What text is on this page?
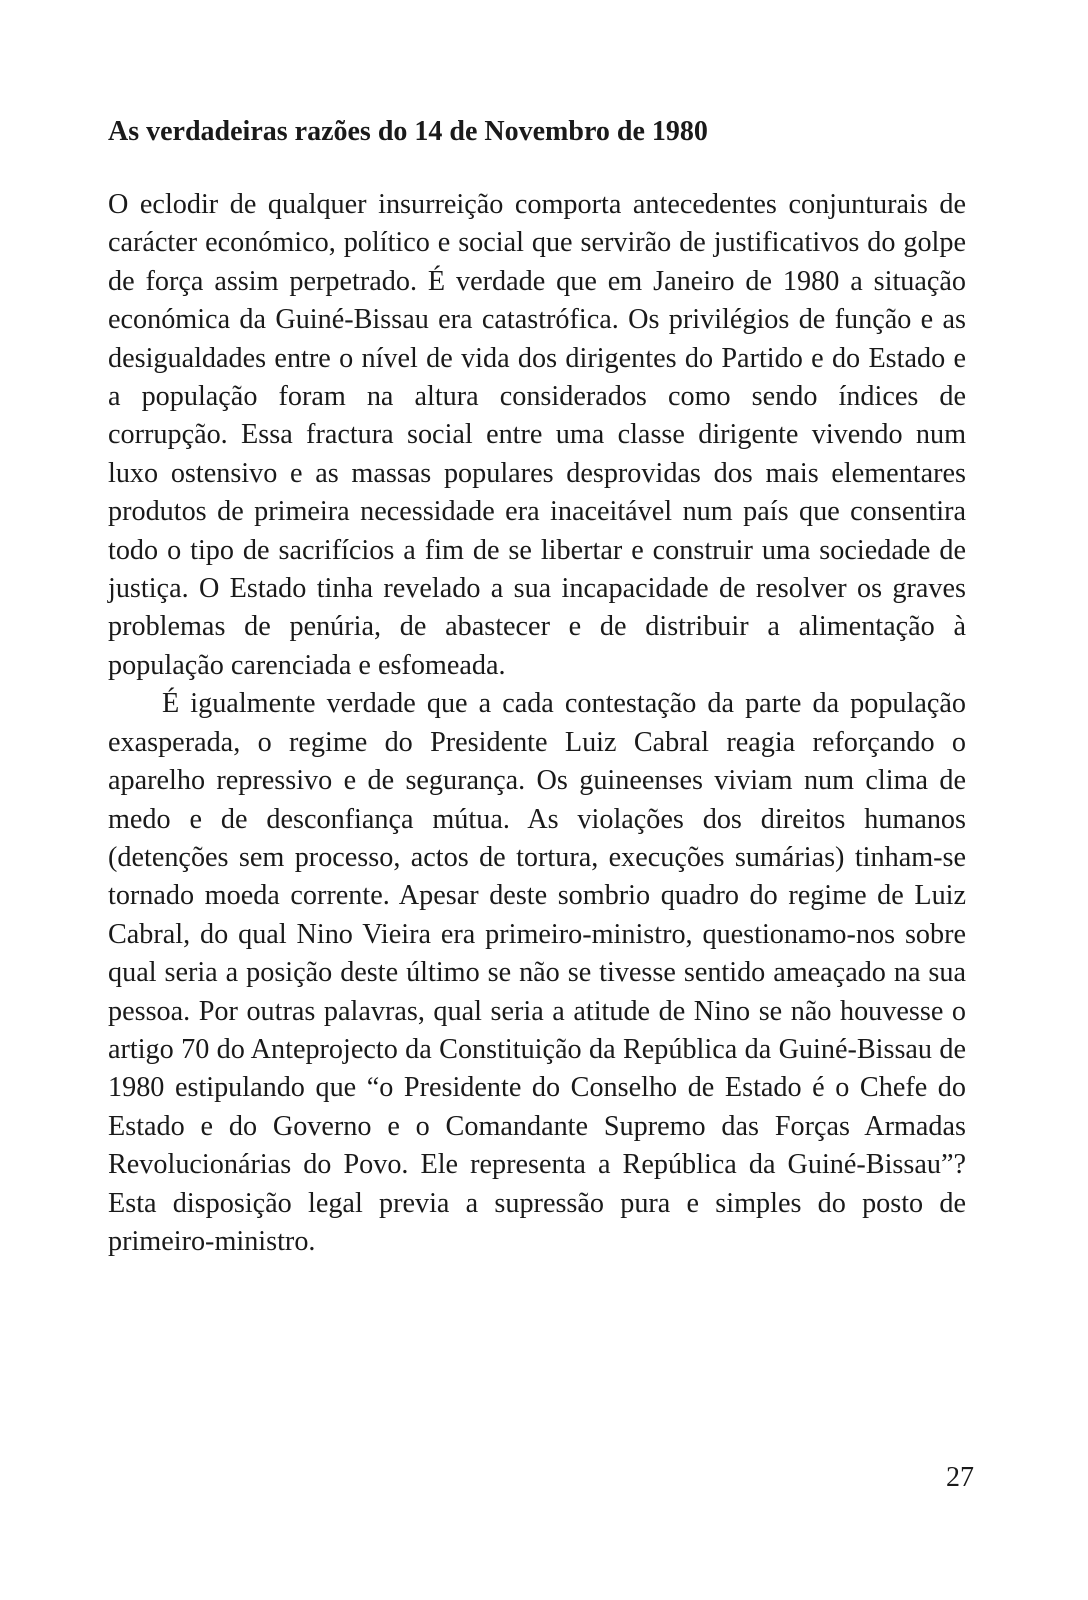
As verdadeiras razões do 14 de Novembro de 1980

O eclodir de qualquer insurreição comporta antecedentes conjunturais de carácter económico, político e social que servirão de justificativos do golpe de força assim perpetrado. É verdade que em Janeiro de 1980 a situação económica da Guiné-Bissau era catastrófica. Os privilégios de função e as desigualdades entre o nível de vida dos dirigentes do Partido e do Estado e a população foram na altura considerados como sendo índices de corrupção. Essa fractura social entre uma classe dirigente vivendo num luxo ostensivo e as massas populares desprovidas dos mais elementares produtos de primeira necessidade era inaceitável num país que consentira todo o tipo de sacrifícios a fim de se libertar e construir uma sociedade de justiça. O Estado tinha revelado a sua incapacidade de resolver os graves problemas de penúria, de abastecer e de distribuir a alimentação à população carenciada e esfomeada.

É igualmente verdade que a cada contestação da parte da população exasperada, o regime do Presidente Luiz Cabral reagia reforçando o aparelho repressivo e de segurança. Os guineenses viviam num clima de medo e de desconfiança mútua. As violações dos direitos humanos (detenções sem processo, actos de tortura, execuções sumárias) tinham-se tornado moeda corrente. Apesar deste sombrio quadro do regime de Luiz Cabral, do qual Nino Vieira era primeiro-ministro, questionamo-nos sobre qual seria a posição deste último se não se tivesse sentido ameaçado na sua pessoa. Por outras palavras, qual seria a atitude de Nino se não houvesse o artigo 70 do Anteprojecto da Constituição da República da Guiné-Bissau de 1980 estipulando que “o Presidente do Conselho de Estado é o Chefe do Estado e do Governo e o Comandante Supremo das Forças Armadas Revolucionárias do Povo. Ele representa a República da Guiné-Bissau”? Esta disposição legal previa a supressão pura e simples do posto de primeiro-ministro.

27
